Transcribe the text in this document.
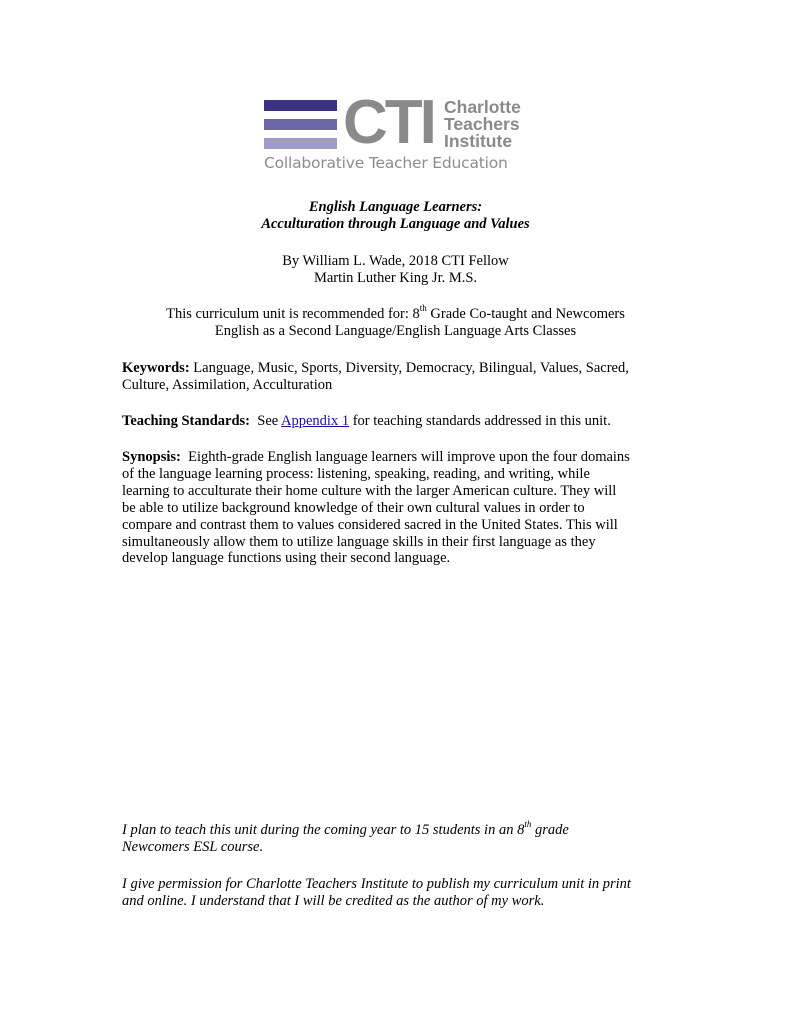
CTI Charlotte
Teachers
Institute
Collaborative Teacher Education
English Language Learners:
Acculturation through Language and Values
By William L. Wade, 2018 CTI Fellow
Martin Luther King Jr. M.S.
This curriculum unit is recommended for: 8th Grade Co-taught and Newcomers
English as a Second Language/English Language Arts Classes
Keywords: Language, Music, Sports, Diversity, Democracy, Bilingual, Values, Sacred,
Culture, Assimilation, Acculturation
Teaching Standards:  See Appendix 1 for teaching standards addressed in this unit.
Synopsis:  Eighth-grade English language learners will improve upon the four domains
of the language learning process: listening, speaking, reading, and writing, while
learning to acculturate their home culture with the larger American culture. They will
be able to utilize background knowledge of their own cultural values in order to
compare and contrast them to values considered sacred in the United States. This will
simultaneously allow them to utilize language skills in their first language as they
develop language functions using their second language.
I plan to teach this unit during the coming year to 15 students in an 8th grade
Newcomers ESL course.
I give permission for Charlotte Teachers Institute to publish my curriculum unit in print
and online. I understand that I will be credited as the author of my work.
